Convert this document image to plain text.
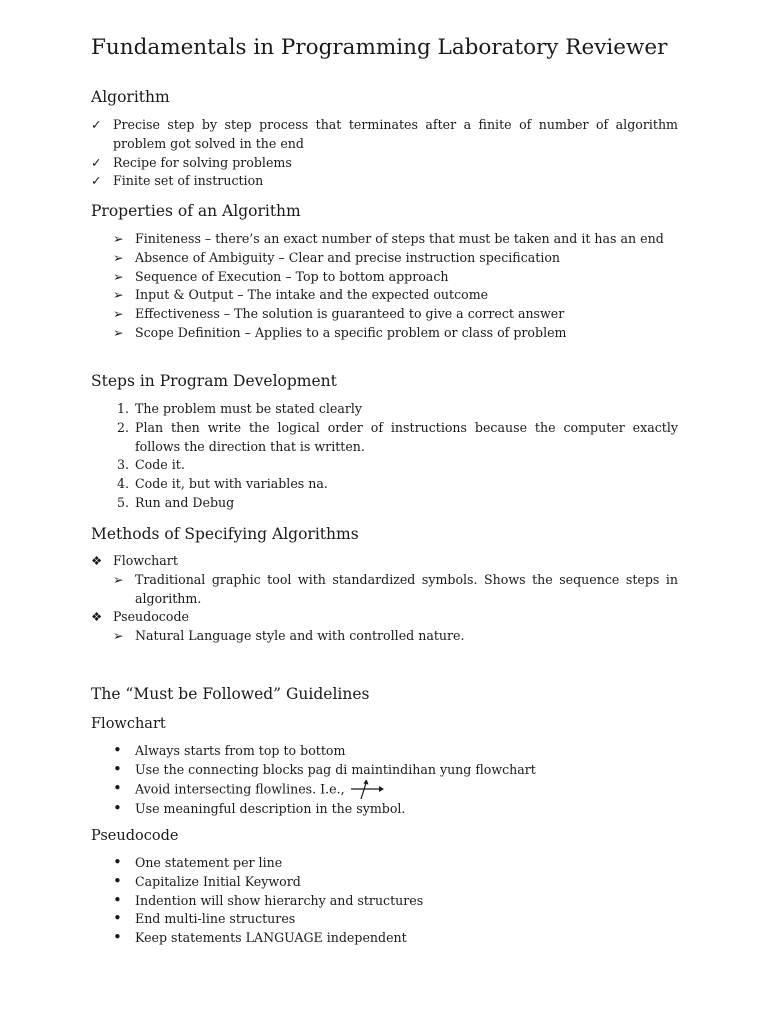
Fundamentals in Programming Laboratory Reviewer
Algorithm
✓ Precise step by step process that terminates after a finite of number of algorithm problem got solved in the end
✓ Recipe for solving problems
✓ Finite set of instruction
Properties of an Algorithm
➢ Finiteness – there’s an exact number of steps that must be taken and it has an end
➢ Absence of Ambiguity – Clear and precise instruction specification
➢ Sequence of Execution – Top to bottom approach
➢ Input & Output – The intake and the expected outcome
➢ Effectiveness – The solution is guaranteed to give a correct answer
➢ Scope Definition – Applies to a specific problem or class of problem
Steps in Program Development
1. The problem must be stated clearly
2. Plan then write the logical order of instructions because the computer exactly follows the direction that is written.
3. Code it.
4. Code it, but with variables na.
5. Run and Debug
Methods of Specifying Algorithms
❖ Flowchart
➢ Traditional graphic tool with standardized symbols. Shows the sequence steps in algorithm.
❖ Pseudocode
➢ Natural Language style and with controlled nature.
The “Must be Followed” Guidelines
Flowchart
• Always starts from top to bottom
• Use the connecting blocks pag di maintindihan yung flowchart
• Avoid intersecting flowlines. I.e.,
• Use meaningful description in the symbol.
Pseudocode
• One statement per line
• Capitalize Initial Keyword
• Indention will show hierarchy and structures
• End multi-line structures
• Keep statements LANGUAGE independent
